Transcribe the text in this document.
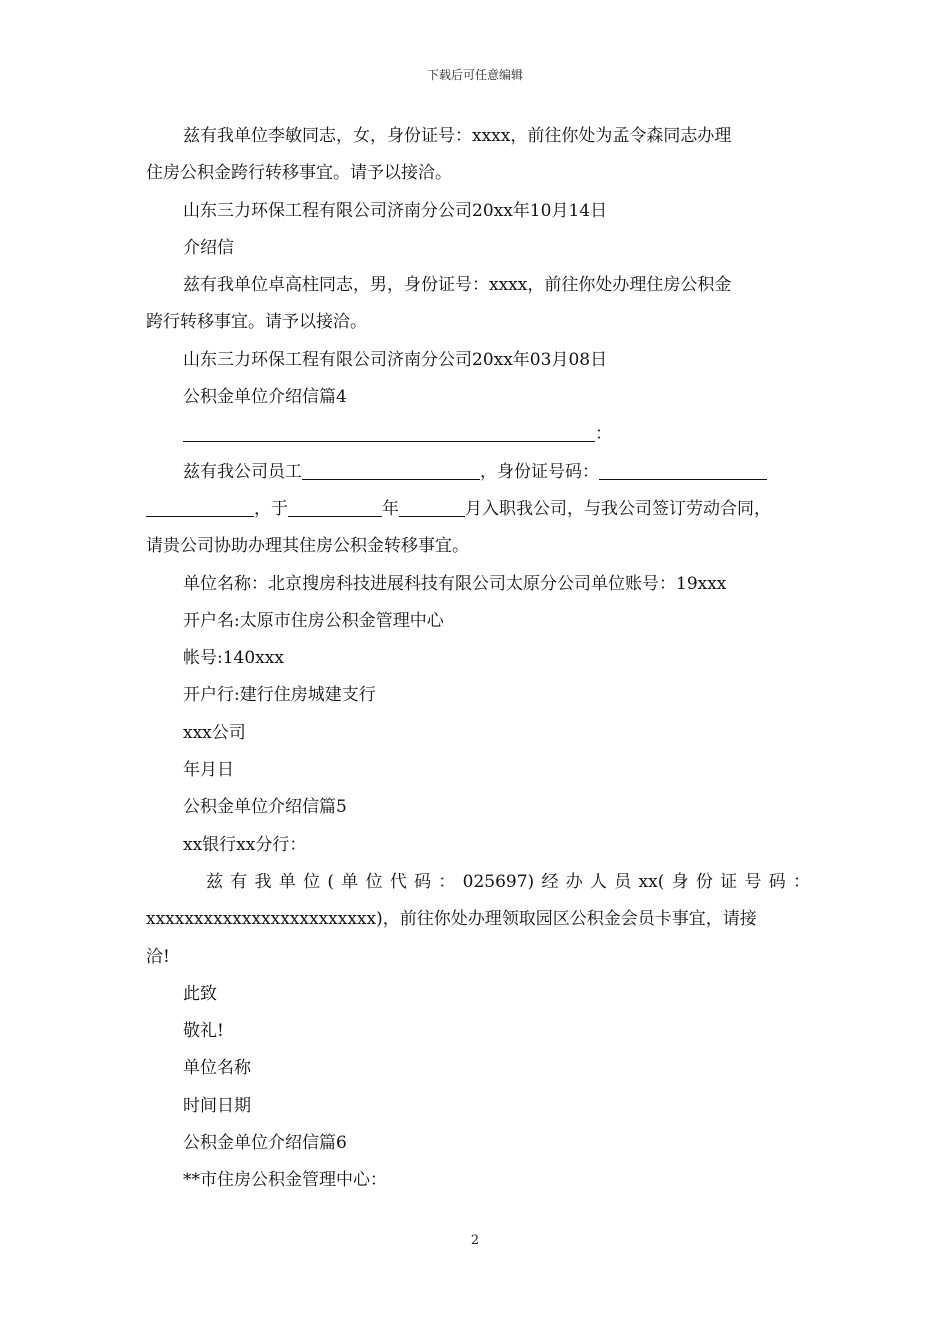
下载后可任意编辑
兹有我单位李敏同志，女，身份证号：xxxx，前往你处为孟令森同志办理
住房公积金跨行转移事宜。请予以接洽。
山东三力环保工程有限公司济南分公司20xx年10月14日
介绍信
兹有我单位卓高柱同志，男，身份证号：xxxx，前往你处办理住房公积金
跨行转移事宜。请予以接洽。
山东三力环保工程有限公司济南分公司20xx年03月08日
公积金单位介绍信篇4
：
兹有我公司员工	，身份证号码：
，于	年	月入职我公司，与我公司签订劳动合同，
请贵公司协助办理其住房公积金转移事宜。
单位名称：北京搜房科技进展科技有限公司太原分公司单位账号：19xxx
开户名:太原市住房公积金管理中心
帐号:140xxx
开户行:建行住房城建支行
xxx公司
年月日
公积金单位介绍信篇5
xx银行xx分行：
兹有我单位(单位代码：025697)经办人员xx(身份证号码：
xxxxxxxxxxxxxxxxxxxxxxxx)，前往你处办理领取园区公积金会员卡事宜，请接
洽!
此致
敬礼!
单位名称
时间日期
公积金单位介绍信篇6
**市住房公积金管理中心：
2
